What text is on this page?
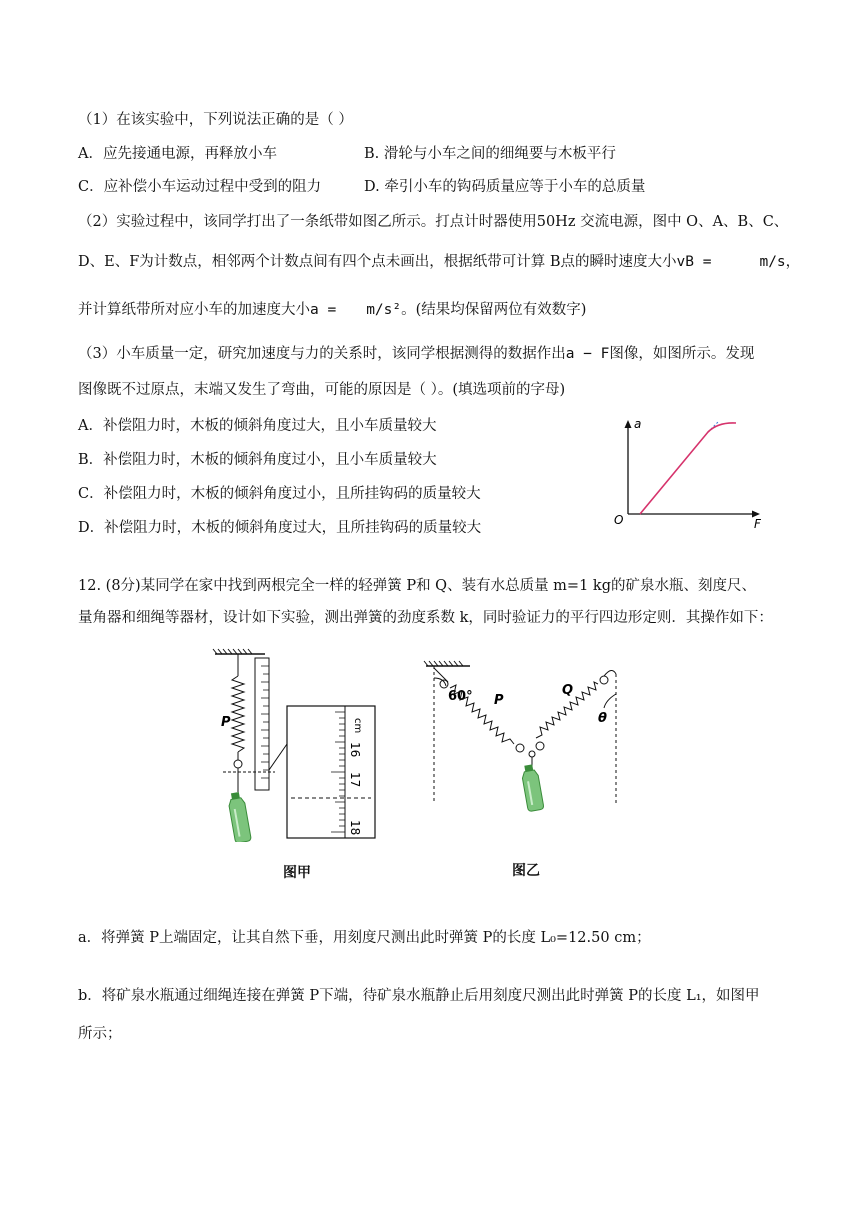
（1）在该实验中，下列说法正确的是（ ）
A．应先接通电源，再释放小车	B. 滑轮与小车之间的细绳要与木板平行
C．应补偿小车运动过程中受到的阻力	D. 牵引小车的钩码质量应等于小车的总质量
（2）实验过程中，该同学打出了一条纸带如图乙所示。打点计时器使用50Hz 交流电源，图中 O、A、B、C、
D、E、F为计数点，相邻两个计数点间有四个点未画出，根据纸带可计算 B点的瞬时速度大小vB =	m/s，
并计算纸带所对应小车的加速度大小a = m/s²。(结果均保留两位有效数字)
（3）小车质量一定，研究加速度与力的关系时，该同学根据测得的数据作出a − F图像，如图所示。发现
图像既不过原点，末端又发生了弯曲，可能的原因是（ ）。(填选项前的字母)
A．补偿阻力时，木板的倾斜角度过大，且小车质量较大
B．补偿阻力时，木板的倾斜角度过小，且小车质量较大
C．补偿阻力时，木板的倾斜角度过小，且所挂钩码的质量较大
D．补偿阻力时，木板的倾斜角度过大，且所挂钩码的质量较大
a
F
O
12. (8分)某同学在家中找到两根完全一样的轻弹簧 P和 Q、装有水总质量 m=1 kg的矿泉水瓶、刻度尺、
量角器和细绳等器材，设计如下实验，测出弹簧的劲度系数 k，同时验证力的平行四边形定则．其操作如下：
P	cm
16
17
18
图甲
60° P
Q
θ
图乙
a．将弹簧 P上端固定，让其自然下垂，用刻度尺测出此时弹簧 P的长度 L₀=12.50 cm；
b．将矿泉水瓶通过细绳连接在弹簧 P下端，待矿泉水瓶静止后用刻度尺测出此时弹簧 P的长度 L₁，如图甲
所示；
